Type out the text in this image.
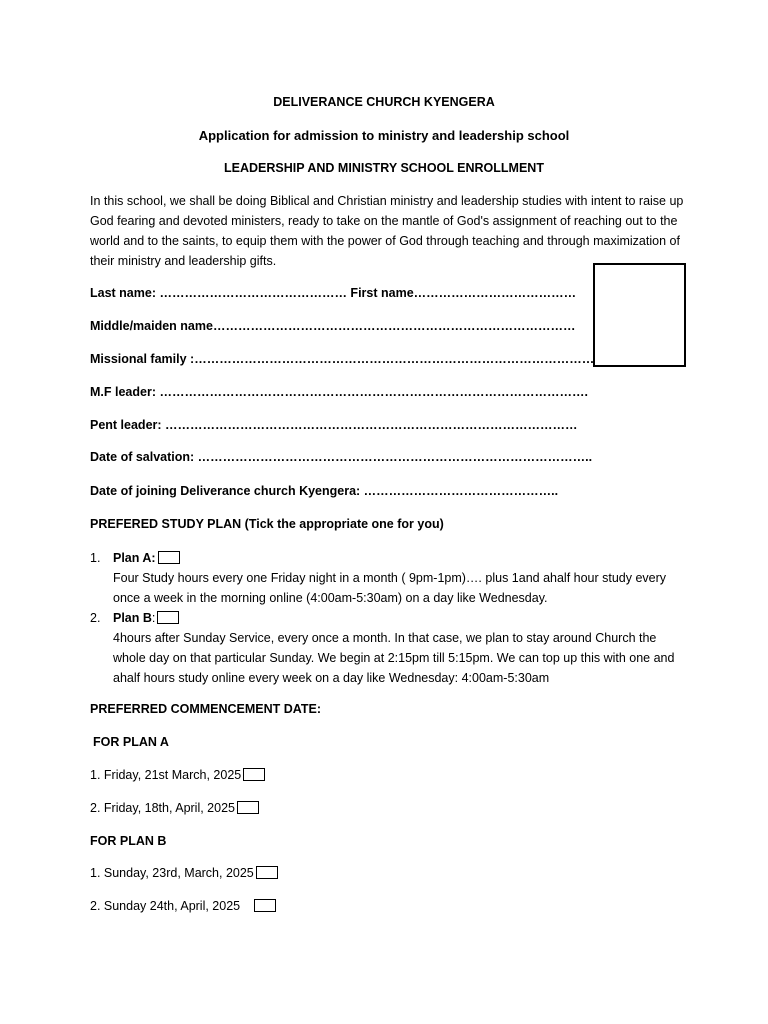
DELIVERANCE CHURCH KYENGERA
Application for admission to ministry and leadership school
LEADERSHIP AND MINISTRY SCHOOL ENROLLMENT
In this school, we shall be doing Biblical and Christian ministry and leadership studies with intent to raise up God fearing and devoted ministers, ready to take on the mantle of God's assignment of reaching out to the world and to the saints, to equip them with the power of God through teaching and through maximization of their ministry and leadership gifts.
Last name: ……………………………………… First name…………………………………
Middle/maiden name……………………………………………………………………………
Missional family :……………………………………………………………………………………
M.F leader: ………………………………………………………………………………………….
Pent leader: ………………………………………………………………………………………
Date of salvation: …………………………………………………………………………………..
Date of joining Deliverance church Kyengera: ………………………………………..
PREFERED STUDY PLAN (Tick the appropriate one for you)
1. Plan A:
Four Study hours every one Friday night in a month ( 9pm-1pm)…. plus 1and ahalf hour study every once a week in the morning online (4:00am-5:30am) on a day like Wednesday.
2. Plan B:
4hours after Sunday Service, every once a month. In that case, we plan to stay around Church the whole day on that particular Sunday. We begin at 2:15pm till 5:15pm. We can top up this with one and ahalf hours study online every week on a day like Wednesday: 4:00am-5:30am
PREFERRED COMMENCEMENT DATE:
FOR PLAN A
1. Friday, 21st March, 2025
2. Friday, 18th, April, 2025
FOR PLAN B
1. Sunday, 23rd, March, 2025
2. Sunday 24th, April, 2025
